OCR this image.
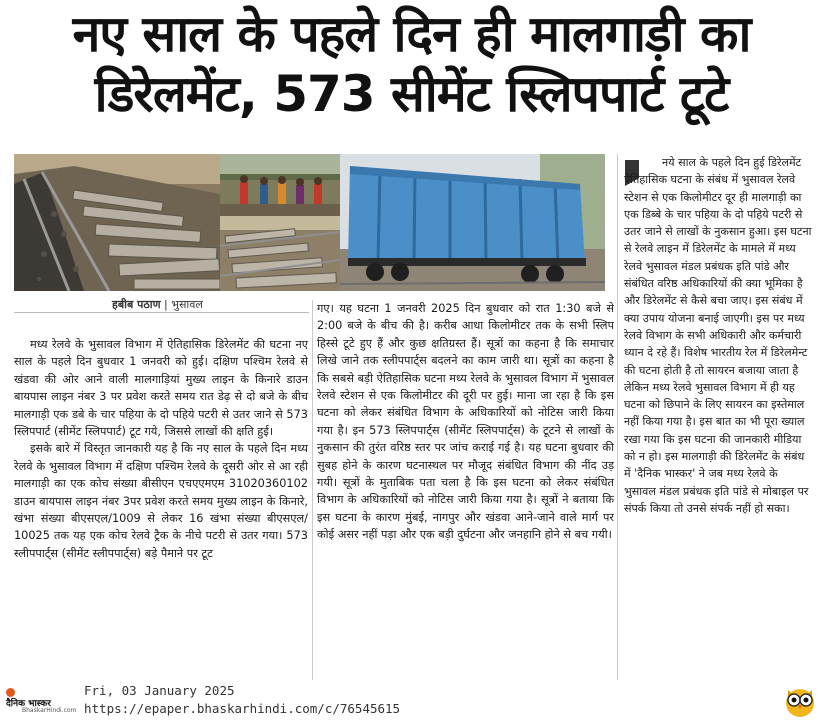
नए साल के पहले दिन ही मालगाड़ी का
डिरेलमेंट, 573 सीमेंट स्लिपपार्ट टूटे
हबीब पठाण | भुसावल

मध्य रेलवे के भुसावल विभाग में ऐतिहासिक डिरेलमेंट की घटना नए साल के पहले दिन बुधवार 1 जनवरी को हुई। दक्षिण पश्चिम रेलवे से खंडवा की ओर आने वाली मालगाड़ियां मुख्य लाइन के किनारे डाउन बायपास लाइन नंबर 3 पर प्रवेश करते समय रात डेढ़ से दो बजे के बीच मालगाड़ी एक डबे के चार पहिया के दो पहिये पटरी से उतर जाने से 573 स्लिपपार्ट (सीमेंट स्लिपपार्ट) टूट गये, जिससे लाखों की क्षति हुई।

इसके बारे में विस्तृत जानकारी यह है कि नए साल के पहले दिन मध्य रेलवे के भुसावल विभाग में दक्षिण पश्चिम रेलवे के दूसरी ओर से आ रही मालगाड़ी का एक कोच संख्या बीसीएन एचएएमएम 31020360102 डाउन बायपास लाइन नंबर 3पर प्रवेश करते समय मुख्य लाइन के किनारे, खंभा संख्या बीएसएल/1009 से लेकर 16 खंभा संख्या बीएसएल/ 10025 तक यह एक कोच रेलवे ट्रैक के नीचे पटरी से उतर गया। 573 स्लीपपार्ट्स (सीमेंट स्लीपपार्ट्स) बड़े पैमाने पर टूट

गए। यह घटना 1 जनवरी 2025 दिन बुधवार को रात 1:30 बजे से 2:00 बजे के बीच की है। करीब आधा किलोमीटर तक के सभी स्लिप हिस्से टूटे हुए हैं और कुछ क्षतिग्रस्त हैं। सूत्रों का कहना है कि समाचार लिखे जाने तक स्लीपपार्ट्स बदलने का काम जारी था। सूत्रों का कहना है कि सबसे बड़ी ऐतिहासिक घटना मध्य रेलवे के भुसावल विभाग में भुसावल रेलवे स्टेशन से एक किलोमीटर की दूरी पर हुई। माना जा रहा है कि इस घटना को लेकर संबंधित विभाग के अधिकारियों को नोटिस जारी किया गया है। इन 573 स्लिपपार्ट्स (सीमेंट स्लिपपार्ट्स) के टूटने से लाखों के नुकसान की तुरंत वरिष्ठ स्तर पर जांच कराई गई है। यह घटना बुधवार की सुबह होने के कारण घटनास्थल पर मौजूद संबंधित विभाग की नींद उड़ गयी। सूत्रों के मुताबिक पता चला है कि इस घटना को लेकर संबंधित विभाग के अधिकारियों को नोटिस जारी किया गया है। सूत्रों ने बताया कि इस घटना के कारण मुंबई, नागपुर और खंडवा आने-जाने वाले मार्ग पर कोई असर नहीं पड़ा और एक बड़ी दुर्घटना और जनहानि होने से बच गयी।

नये साल के पहले दिन हुई डिरेलमेंट ऐतिहासिक घटना के संबंध में भुसावल रेलवे स्टेशन से एक किलोमीटर दूर ही मालगाड़ी का एक डिब्बे के चार पहिया के दो पहिये पटरी से उतर जाने से लाखों के नुकसान हुआ। इस घटना से रेलवे लाइन में डिरेलमेंट के मामले में मध्य रेलवे भुसावल मंडल प्रबंधक इति पांडे और संबंधित वरिष्ठ अधिकारियों की क्या भूमिका है और डिरेलमेंट से कैसे बचा जाए। इस संबंध में क्या उपाय योजना बनाई जाएगी। इस पर मध्य रेलवे विभाग के सभी अधिकारी और कर्मचारी ध्यान दे रहे हैं। विशेष भारतीय रेल में डिरेलमेन्ट की घटना होती है तो सायरन बजाया जाता है लेकिन मध्य रेलवे भुसावल विभाग में ही यह घटना को छिपाने के लिए सायरन का इस्तेमाल नहीं किया गया है। इस बात का भी पूरा ख्याल रखा गया कि इस घटना की जानकारी मीडिया को न हो। इस मालगाड़ी की डिरेलमेंट के संबंध में 'दैनिक भास्कर' ने जब मध्य रेलवे के भुसावल मंडल प्रबंधक इति पांडे से मोबाइल पर संपर्क किया तो उनसे संपर्क नहीं हो सका।

दैनिक भास्कर
BhaskarHindi.com
Fri, 03 January 2025
https://epaper.bhaskarhindi.com/c/76545615
